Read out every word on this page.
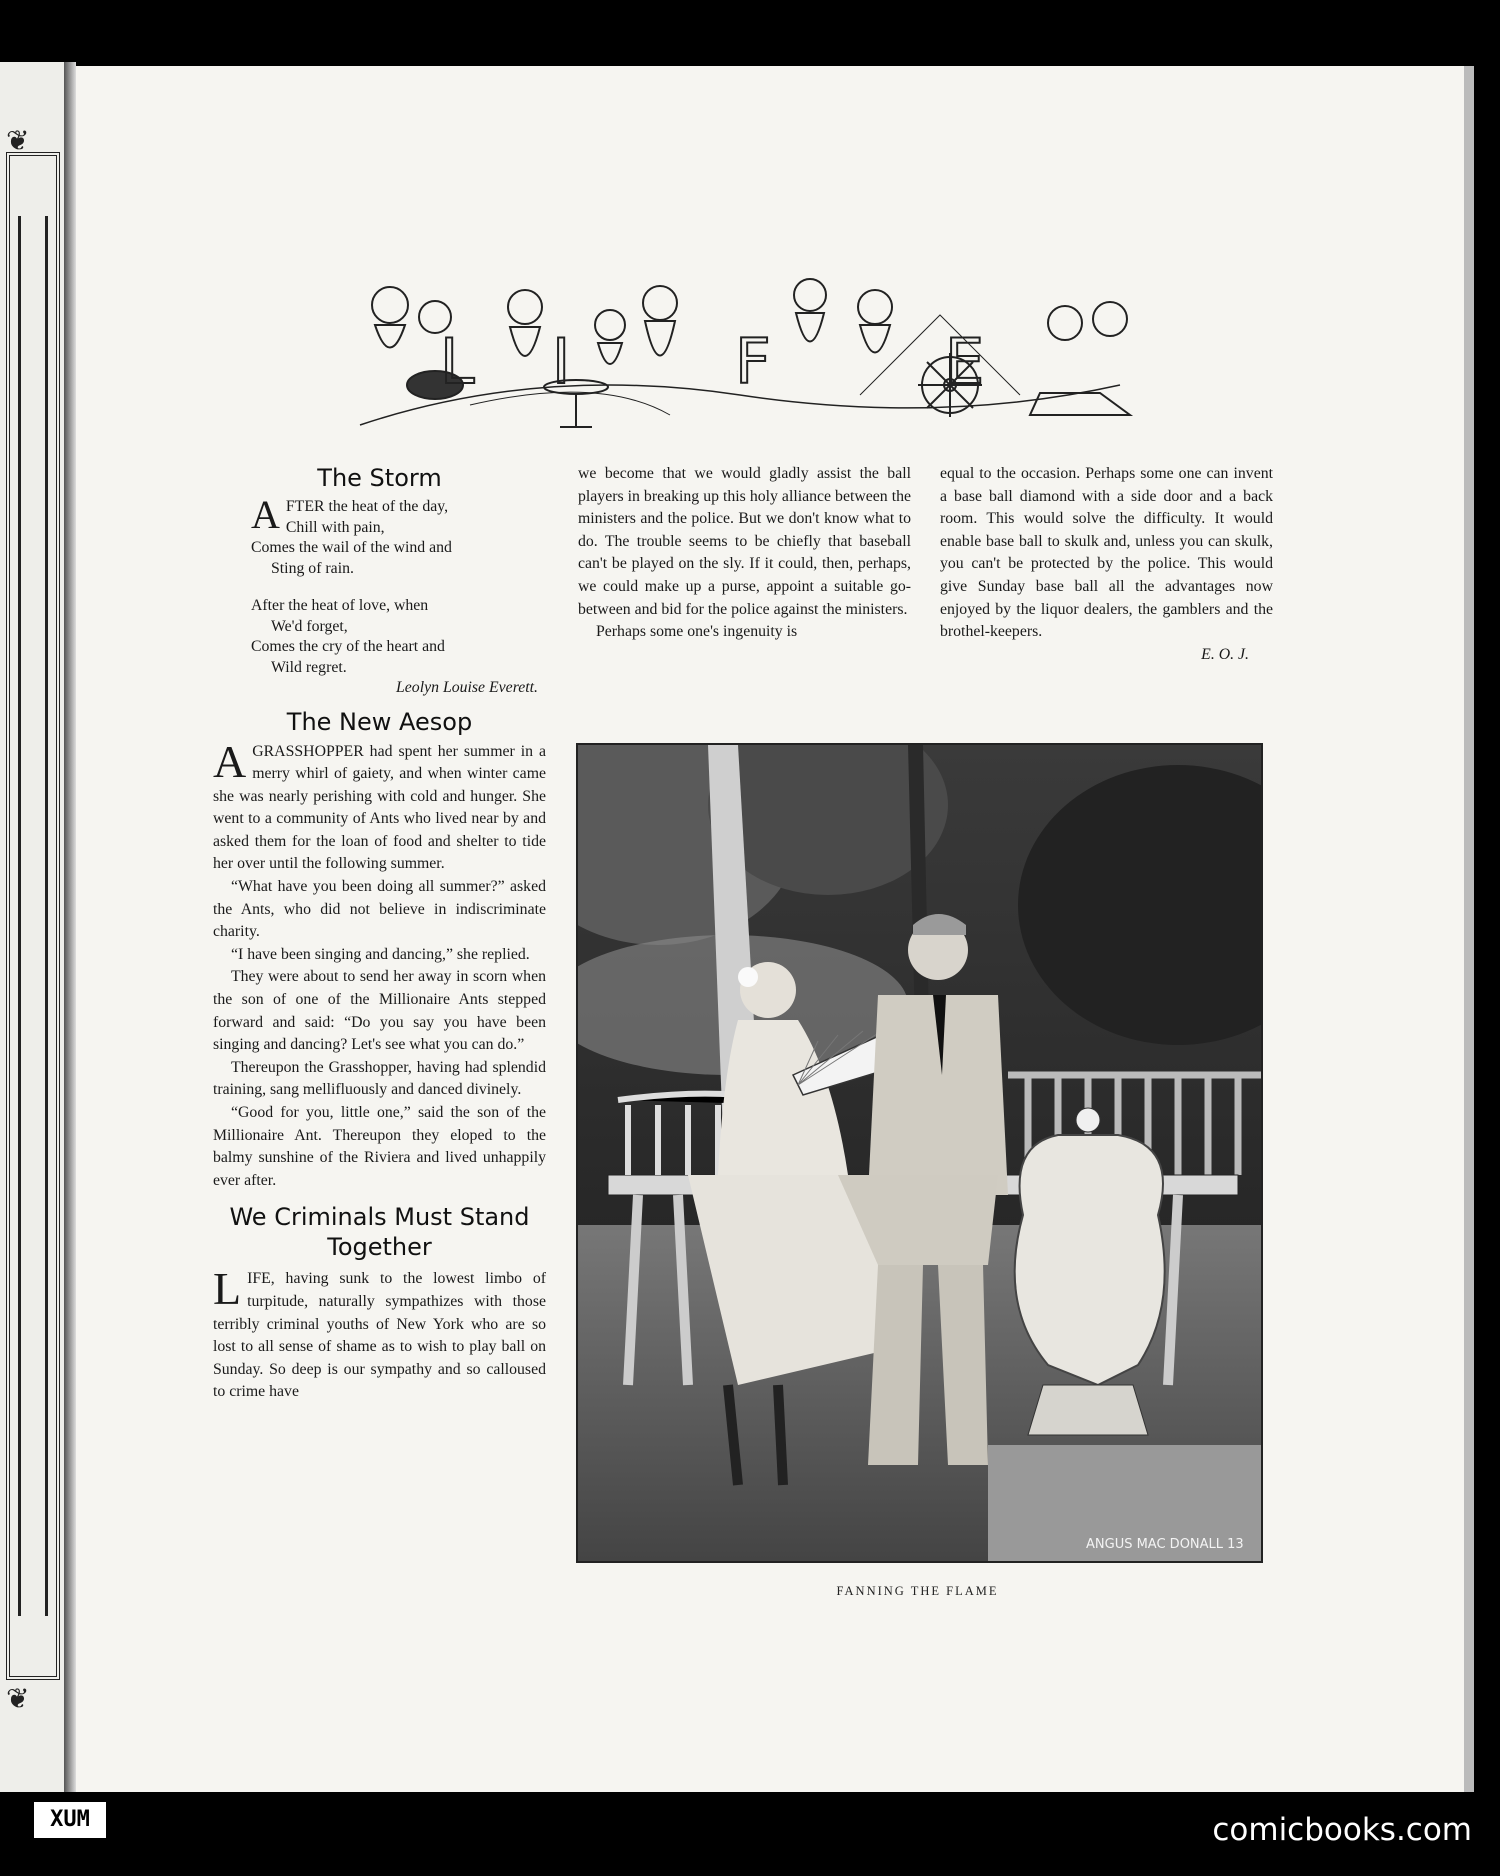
❦
❦
XUM	comicbooks.com
L I	F	E
The Storm
AFTER the heat of the day,
Chill with pain,
Comes the wail of the wind and
Sting of rain.
After the heat of love, when
We'd forget,
Comes the cry of the heart and
Wild regret.
Leolyn Louise Everett.
The New Aesop

AGRASSHOPPER had spent her summer in a merry whirl of gaiety, and when winter came she was nearly perishing with cold and hunger. She went to a community of Ants who lived near by and asked them for the loan of food and shelter to tide her over until the following summer.

“What have you been doing all summer?” asked the Ants, who did not believe in indiscriminate charity.

“I have been singing and dancing,” she replied.

They were about to send her away in scorn when the son of one of the Millionaire Ants stepped forward and said: “Do you say you have been singing and dancing? Let's see what you can do.”

Thereupon the Grasshopper, having had splendid training, sang mellifluously and danced divinely.

“Good for you, little one,” said the son of the Millionaire Ant. Thereupon they eloped to the balmy sunshine of the Riviera and lived unhappily ever after.

We Criminals Must Stand Together

LIFE, having sunk to the lowest limbo of turpitude, naturally sympathizes with those terribly criminal youths of New York who are so lost to all sense of shame as to wish to play ball on Sunday. So deep is our sympathy and so calloused to crime have

we become that we would gladly assist the ball players in breaking up this holy alliance between the ministers and the police. But we don't know what to do. The trouble seems to be chiefly that baseball can't be played on the sly. If it could, then, perhaps, we could make up a purse, appoint a suitable go-between and bid for the police against the ministers.

Perhaps some one's ingenuity is

equal to the occasion. Perhaps some one can invent a base ball diamond with a side door and a back room. This would solve the difficulty. It would enable base ball to skulk and, unless you can skulk, you can't be protected by the police. This would give Sunday base ball all the advantages now enjoyed by the liquor dealers, the gamblers and the brothel-keepers.

E. O. J.
ANGUS MAC DONALL 13
FANNING THE FLAME
